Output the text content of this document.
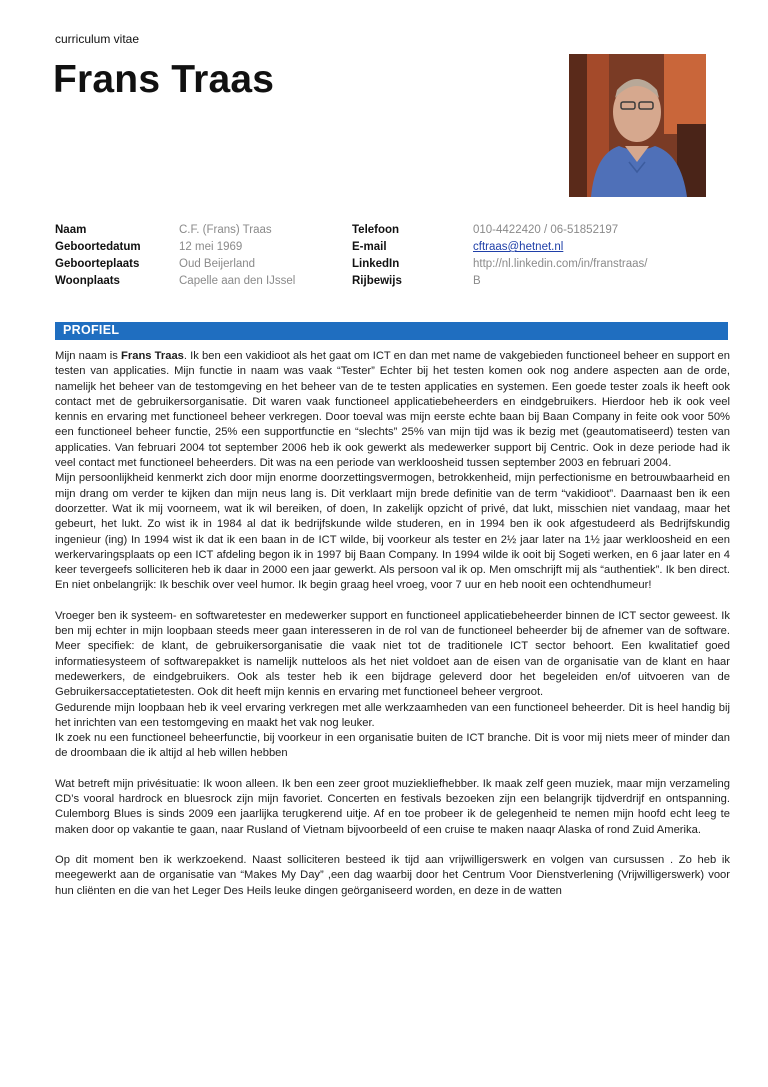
curriculum vitae
Frans Traas
Naam
Geboortedatum
Geboorteplaats
Woonplaats
C.F. (Frans) Traas
12 mei 1969
Oud Beijerland
Capelle aan den IJssel
Telefoon
E-mail
LinkedIn
Rijbewijs
010-4422420 / 06-51852197
cftraas@hetnet.nl
http://nl.linkedin.com/in/franstraas/
B
PROFIEL

Mijn naam is Frans Traas. Ik ben een vakidioot als het gaat om ICT en dan met name de vakgebieden functioneel beheer en support en testen van applicaties. Mijn functie in naam was vaak “Tester” Echter bij het testen komen ook nog andere aspecten aan de orde, namelijk het beheer van de testomgeving en het beheer van de te testen applicaties en systemen. Een goede tester zoals ik heeft ook contact met de gebruikersorganisatie. Dit waren vaak functioneel applicatiebeheerders en eindgebruikers. Hierdoor heb ik ook veel kennis en ervaring met functioneel beheer verkregen. Door toeval was mijn eerste echte baan bij Baan Company in feite ook voor 50% een functioneel beheer functie, 25% een supportfunctie en “slechts” 25% van mijn tijd was ik bezig met (geautomatiseerd) testen van applicaties. Van februari 2004 tot september 2006 heb ik ook gewerkt als medewerker support bij Centric. Ook in deze periode had ik veel contact met functioneel beheerders. Dit was na een periode van werkloosheid tussen september 2003 en februari 2004.

Mijn persoonlijkheid kenmerkt zich door mijn enorme doorzettingsvermogen, betrokkenheid, mijn perfectionisme en betrouwbaarheid en mijn drang om verder te kijken dan mijn neus lang is. Dit verklaart mijn brede definitie van de term “vakidioot”. Daarnaast ben ik een doorzetter. Wat ik mij voorneem, wat ik wil bereiken, of doen, In zakelijk opzicht of privé, dat lukt, misschien niet vandaag, maar het gebeurt, het lukt. Zo wist ik in 1984 al dat ik bedrijfskunde wilde studeren, en in 1994 ben ik ook afgestudeerd als Bedrijfskundig ingenieur (ing) In 1994 wist ik dat ik een baan in de ICT wilde, bij voorkeur als tester en 2½ jaar later na 1½ jaar werkloosheid en een werkervaringsplaats op een ICT afdeling begon ik in 1997 bij Baan Company. In 1994 wilde ik ooit bij Sogeti werken, en 6 jaar later en 4 keer tevergeefs solliciteren heb ik daar in 2000 een jaar gewerkt. Als persoon val ik op. Men omschrijft mij als “authentiek”. Ik ben direct. En niet onbelangrijk: Ik beschik over veel humor. Ik begin graag heel vroeg, voor 7 uur en heb nooit een ochtendhumeur!

Vroeger ben ik systeem- en softwaretester en medewerker support en functioneel applicatiebeheerder binnen de ICT sector geweest. Ik ben mij echter in mijn loopbaan steeds meer gaan interesseren in de rol van de functioneel beheerder bij de afnemer van de software. Meer specifiek: de klant, de gebruikersorganisatie die vaak niet tot de traditionele ICT sector behoort. Een kwalitatief goed informatiesysteem of softwarepakket is namelijk nutteloos als het niet voldoet aan de eisen van de organisatie van de klant en haar medewerkers, de eindgebruikers. Ook als tester heb ik een bijdrage geleverd door het begeleiden en/of uitvoeren van de Gebruikersacceptatietesten. Ook dit heeft mijn kennis en ervaring met functioneel beheer vergroot.

Gedurende mijn loopbaan heb ik veel ervaring verkregen met alle werkzaamheden van een functioneel beheerder. Dit is heel handig bij het inrichten van een testomgeving en maakt het vak nog leuker.

Ik zoek nu een functioneel beheerfunctie, bij voorkeur in een organisatie buiten de ICT branche. Dit is voor mij niets meer of minder dan de droombaan die ik altijd al heb willen hebben

Wat betreft mijn privésituatie: Ik woon alleen. Ik ben een zeer groot muziekliefhebber. Ik maak zelf geen muziek, maar mijn verzameling CD’s vooral hardrock en bluesrock zijn mijn favoriet. Concerten en festivals bezoeken zijn een belangrijk tijdverdrijf en ontspanning. Culemborg Blues is sinds 2009 een jaarlijka terugkerend uitje. Af en toe probeer ik de gelegenheid te nemen mijn hoofd echt leeg te maken door op vakantie te gaan, naar Rusland of Vietnam bijvoorbeeld of een cruise te maken naaqr Alaska of rond Zuid Amerika.

Op dit moment ben ik werkzoekend. Naast solliciteren besteed ik tijd aan vrijwilligerswerk en volgen van cursussen . Zo heb ik meegewerkt aan de organisatie van “Makes My Day” ,een dag waarbij door het Centrum Voor Dienstverlening (Vrijwilligerswerk) voor hun cliënten en die van het Leger Des Heils leuke dingen geörganiseerd worden, en deze in de watten
